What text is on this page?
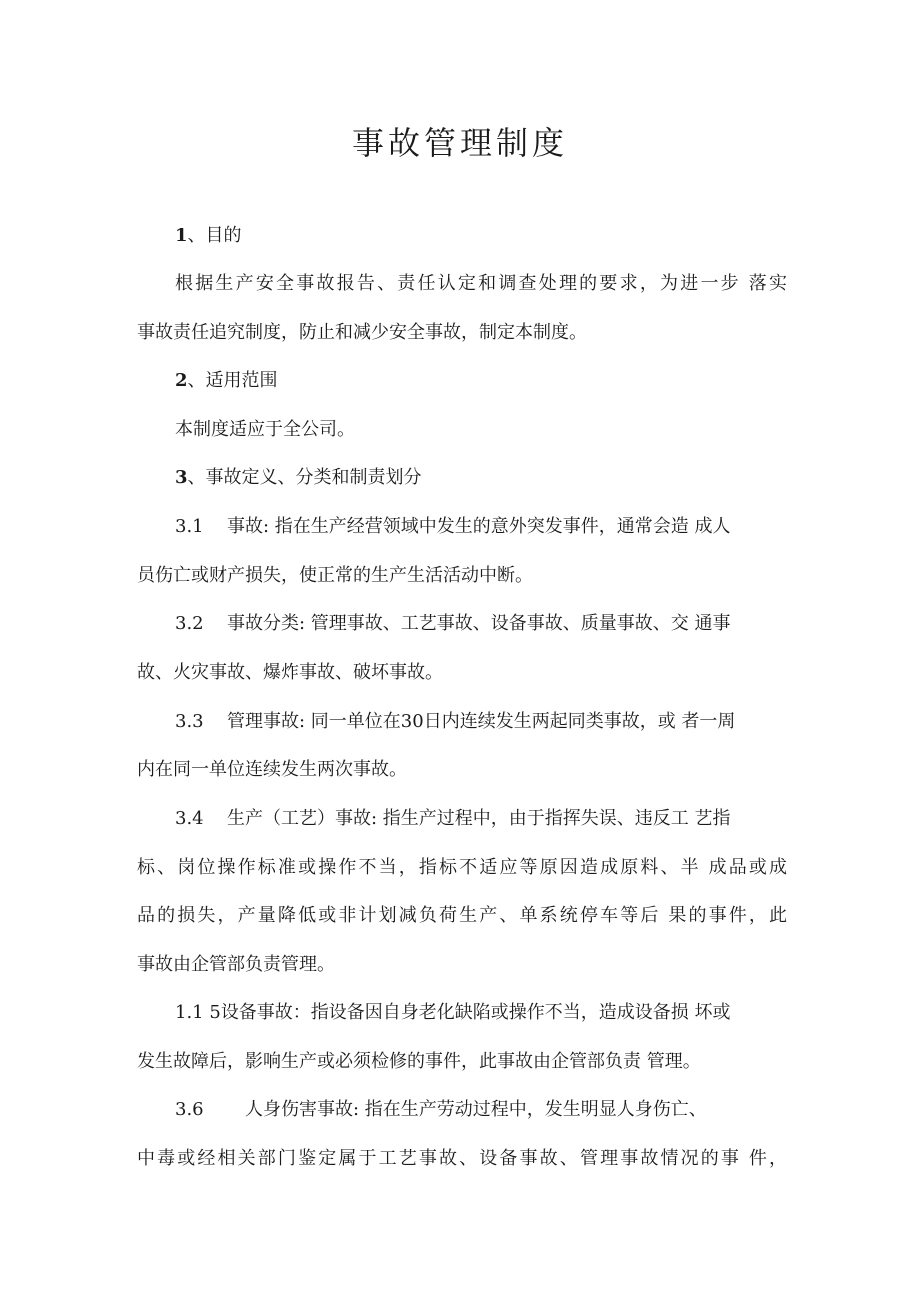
事故管理制度
1、目的
根据生产安全事故报告、责任认定和调查处理的要求，为进一步 落实
事故责任追究制度，防止和减少安全事故，制定本制度。
2、适用范围
本制度适应于全公司。
3、事故定义、分类和制责划分
3.1 事故: 指在生产经营领域中发生的意外突发事件，通常会造 成人
员伤亡或财产损失，使正常的生产生活活动中断。
3.2 事故分类: 管理事故、工艺事故、设备事故、质量事故、交 通事
故、火灾事故、爆炸事故、破坏事故。
3.3 管理事故: 同一单位在30日内连续发生两起同类事故，或 者一周
内在同一单位连续发生两次事故。
3.4 生产（工艺）事故: 指生产过程中，由于指挥失误、违反工 艺指
标、岗位操作标准或操作不当，指标不适应等原因造成原料、半 成品或成
品的损失，产量降低或非计划减负荷生产、单系统停车等后 果的事件，此
事故由企管部负责管理。
1.1 5设备事故：指设备因自身老化缺陷或操作不当，造成设备损 坏或
发生故障后，影响生产或必须检修的事件，此事故由企管部负责 管理。
3.6 人身伤害事故: 指在生产劳动过程中，发生明显人身伤亡、
中毒或经相关部门鉴定属于工艺事故、设备事故、管理事故情况的事 件，
